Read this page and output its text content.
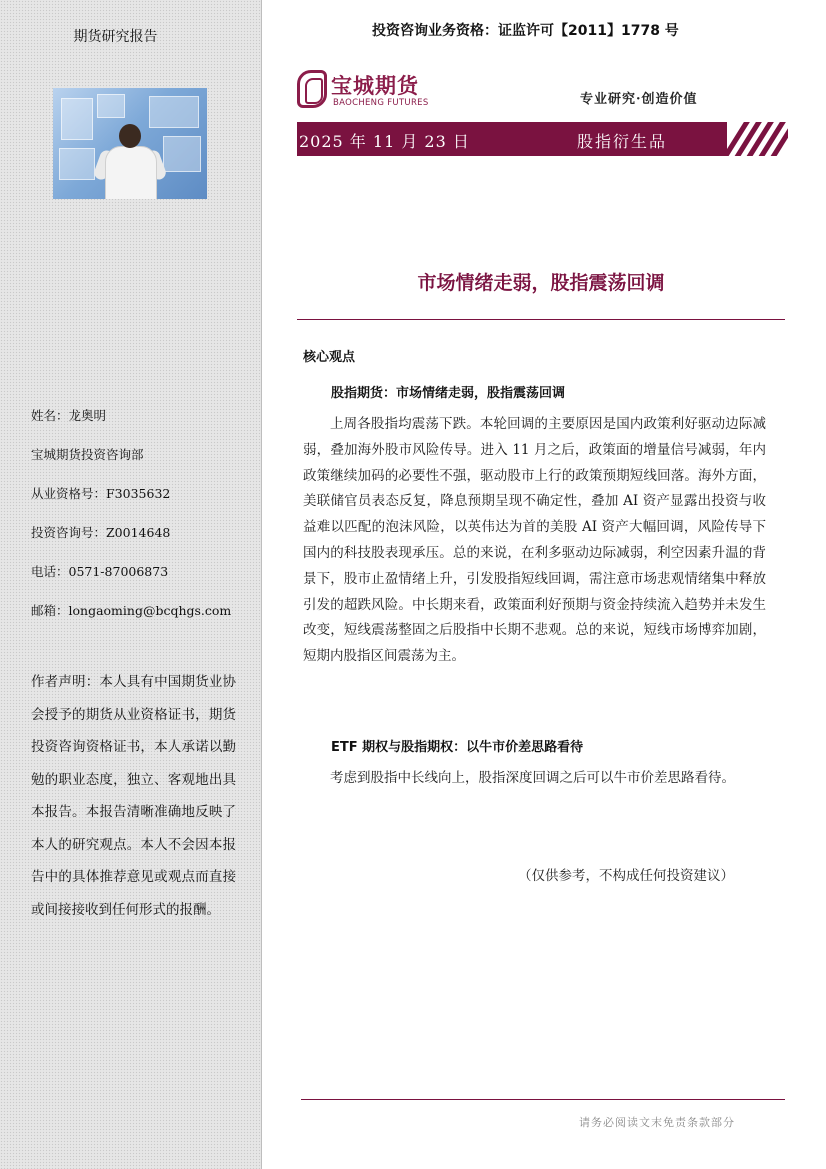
期货研究报告
姓名：龙奥明
宝城期货投资咨询部
从业资格号：F3035632
投资咨询号：Z0014648
电话：0571-87006873
邮箱：longaoming@bcqhgs.com
作者声明：本人具有中国期货业协会授予的期货从业资格证书，期货投资咨询资格证书，本人承诺以勤勉的职业态度，独立、客观地出具本报告。本报告清晰准确地反映了本人的研究观点。本人不会因本报告中的具体推荐意见或观点而直接或间接接收到任何形式的报酬。
投资咨询业务资格：证监许可【2011】1778 号
宝城期货
BAOCHENG FUTURES	专业研究·创造价值
2025 年 11 月 23 日	股指衍生品
市场情绪走弱，股指震荡回调
核心观点
股指期货：市场情绪走弱，股指震荡回调
上周各股指均震荡下跌。本轮回调的主要原因是国内政策利好驱动边际减弱，叠加海外股市风险传导。进入 11 月之后，政策面的增量信号减弱，年内政策继续加码的必要性不强，驱动股市上行的政策预期短线回落。海外方面，美联储官员表态反复，降息预期呈现不确定性，叠加 AI 资产显露出投资与收益难以匹配的泡沫风险，以英伟达为首的美股 AI 资产大幅回调，风险传导下国内的科技股表现承压。总的来说，在利多驱动边际减弱，利空因素升温的背景下，股市止盈情绪上升，引发股指短线回调，需注意市场悲观情绪集中释放引发的超跌风险。中长期来看，政策面利好预期与资金持续流入趋势并未发生改变，短线震荡整固之后股指中长期不悲观。总的来说，短线市场博弈加剧，短期内股指区间震荡为主。
ETF 期权与股指期权：以牛市价差思路看待
考虑到股指中长线向上，股指深度回调之后可以牛市价差思路看待。
（仅供参考，不构成任何投资建议）
请务必阅读文末免责条款部分
